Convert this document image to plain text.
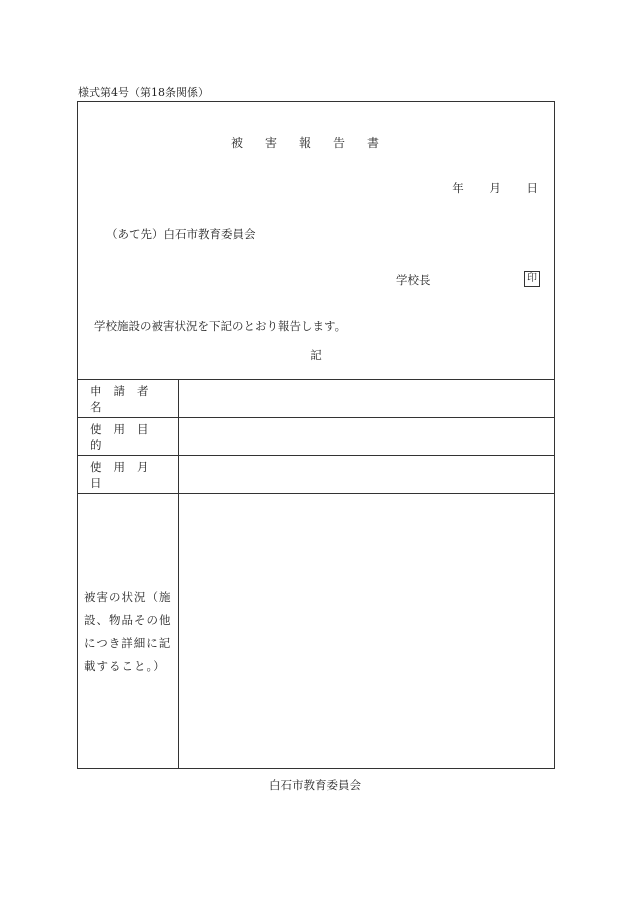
様式第4号（第18条関係）
被害報告書
年 月 日
（あて先）白石市教育委員会
学校長	印
学校施設の被害状況を下記のとおり報告します。
記
申請者名
使用目的
使用月日
被害の状況（施設、物品その他につき詳細に記載すること。）
白石市教育委員会
